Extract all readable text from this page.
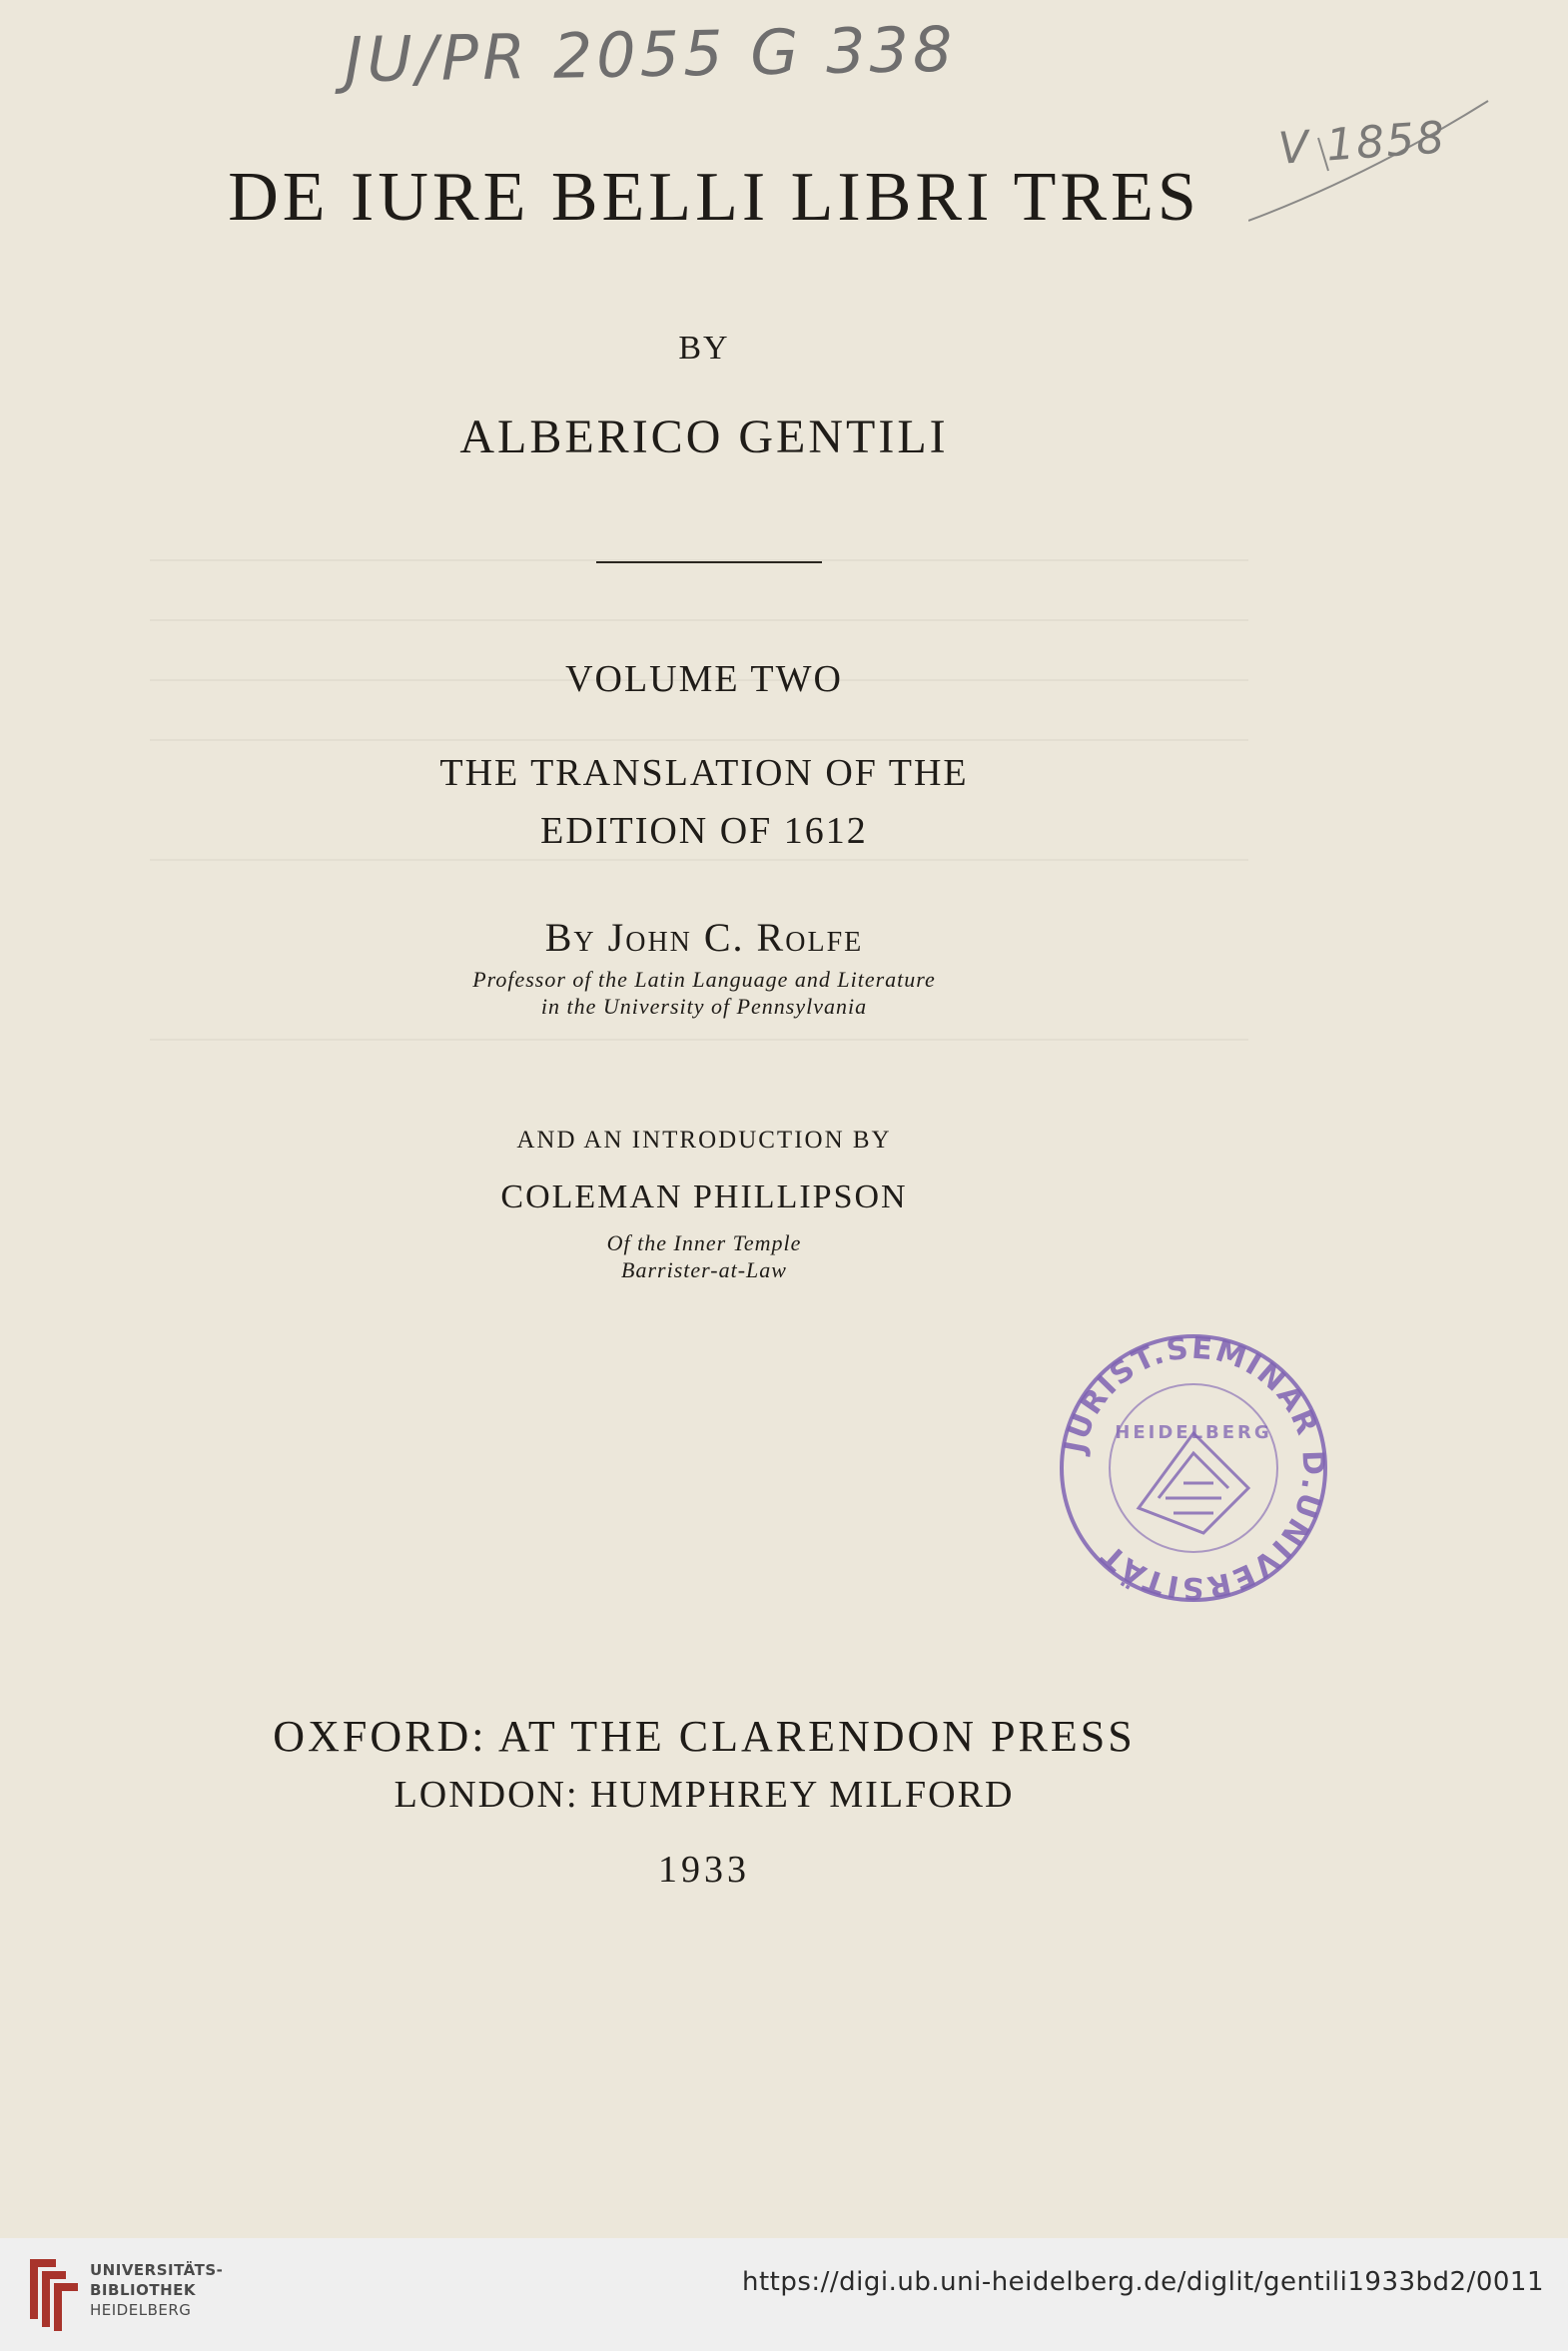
JU/PR 2055 G 338
DE IURE BELLI LIBRI TRES
V 1858
BY
ALBERICO GENTILI
VOLUME TWO
THE TRANSLATION OF THE
EDITION OF 1612
By John C. Rolfe
Professor of the Latin Language and Literature
in the University of Pennsylvania
AND AN INTRODUCTION BY
COLEMAN PHILLIPSON
Of the Inner Temple
Barrister-at-Law
JURIST.SEMINAR D.UNIVERSITÄT
HEIDELBERG
OXFORD: AT THE CLARENDON PRESS
LONDON: HUMPHREY MILFORD
1933
UNIVERSITÄTS-
BIBLIOTHEK
HEIDELBERG
https://digi.ub.uni-heidelberg.de/diglit/gentili1933bd2/0011
